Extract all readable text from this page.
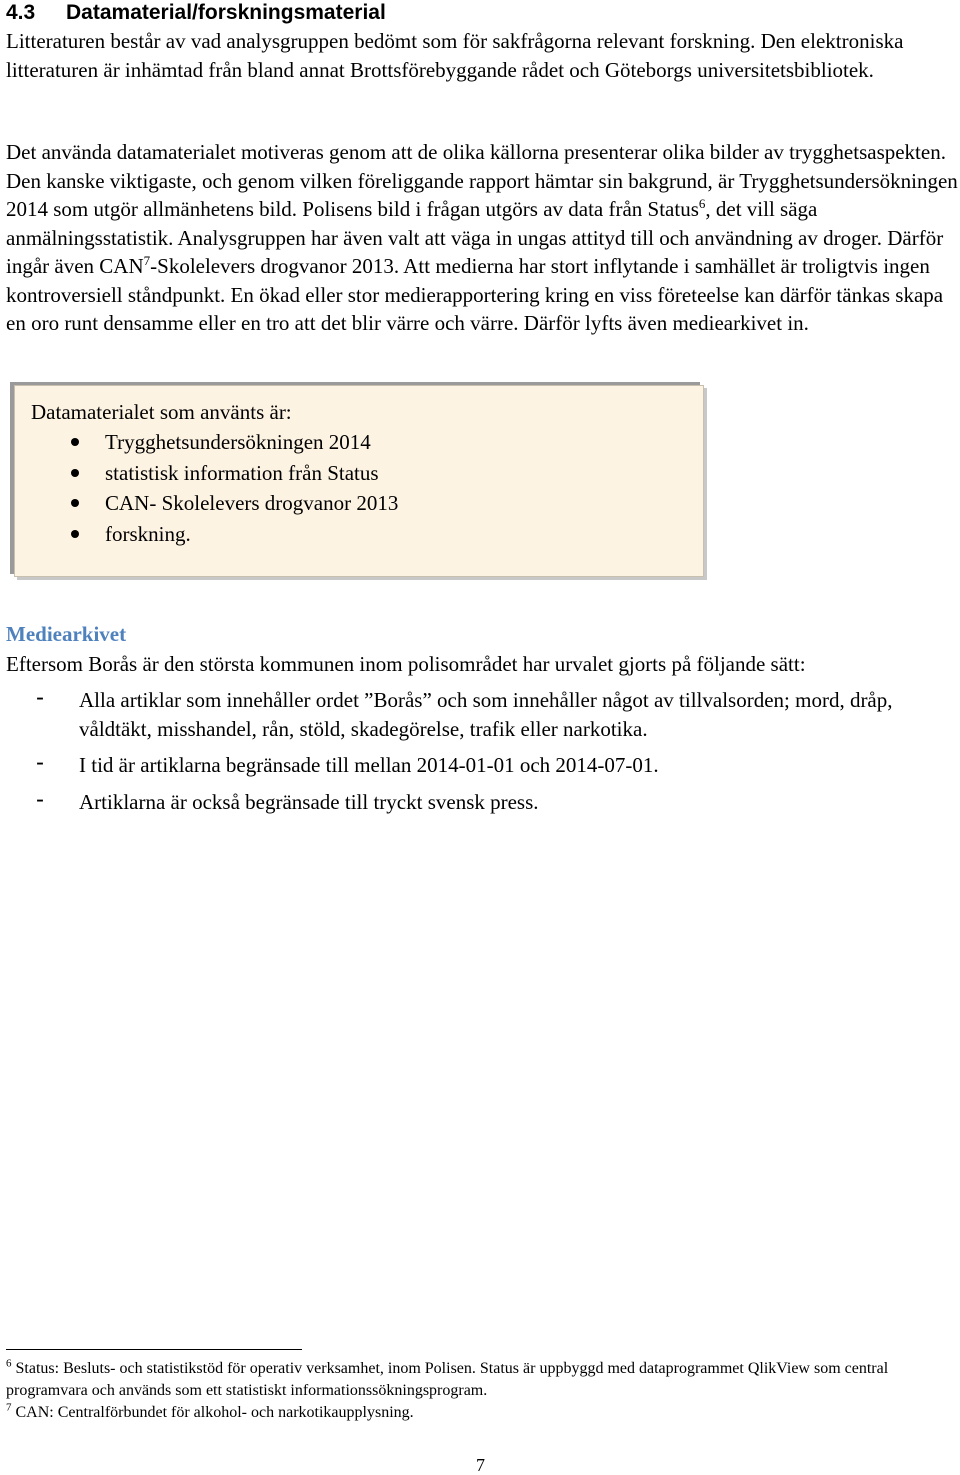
4.3 Datamaterial/forskningsmaterial

Litteraturen består av vad analysgruppen bedömt som för sakfrågorna relevant forskning. Den elektroniska litteraturen är inhämtad från bland annat Brottsförebyggande rådet och Göteborgs universitetsbibliotek.

Det använda datamaterialet motiveras genom att de olika källorna presenterar olika bilder av trygghetsaspekten. Den kanske viktigaste, och genom vilken föreliggande rapport hämtar sin bakgrund, är Trygghetsundersökningen 2014 som utgör allmänhetens bild. Polisens bild i frågan utgörs av data från Status$^6$, det vill säga anmälningsstatistik. Analysgruppen har även valt att väga in ungas attityd till och användning av droger. Därför ingår även CAN$^7$-Skolelevers drogvanor 2013. Att medierna har stort inflytande i samhället är troligtvis ingen kontroversiell ståndpunkt. En ökad eller stor medierapportering kring en viss företeelse kan därför tänkas skapa en oro runt densamme eller en tro att det blir värre och värre. Därför lyfts även mediearkivet in.

Datamaterialet som använts är:
Trygghetsundersökningen 2014
statistisk information från Status
CAN- Skolelevers drogvanor 2013
forskning.
Mediearkivet

Eftersom Borås är den största kommunen inom polisområdet har urvalet gjorts på följande sätt:

- Alla artiklar som innehåller ordet ”Borås” och som innehåller något av tillvalsorden; mord, dråp, våldtäkt, misshandel, rån, stöld, skadegörelse, trafik eller narkotika.
- I tid är artiklarna begränsade till mellan 2014-01-01 och 2014-07-01.
- Artiklarna är också begränsade till tryckt svensk press.
$^6$ Status: Besluts- och statistikstöd för operativ verksamhet, inom Polisen. Status är uppbyggd med dataprogrammet QlikView som central programvara och används som ett statistiskt informationssökningsprogram.
$^7$ CAN: Centralförbundet för alkohol- och narkotikaupplysning.
7
